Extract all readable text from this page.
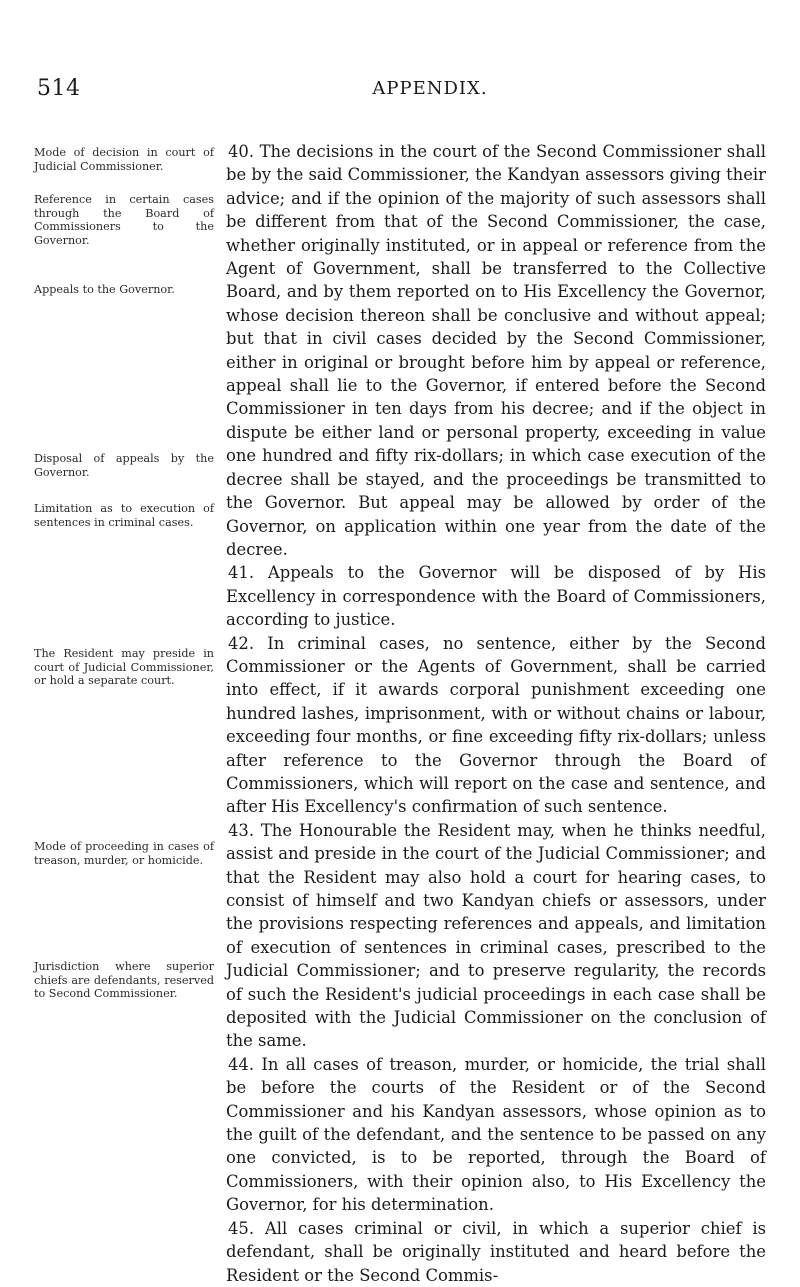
514	APPENDIX.
Mode of decision in court of Judicial Commissioner.
Reference in certain cases through the Board of Commissioners to the Governor.
Appeals to the Governor.
Disposal of appeals by the Governor.
Limitation as to execution of sentences in criminal cases.
The Resident may preside in court of Judicial Commissioner, or hold a separate court.
Mode of proceeding in cases of treason, murder, or homicide.
Jurisdiction where superior chiefs are defendants, reserved to Second Commissioner.

40. The decisions in the court of the Second Commissioner shall be by the said Commissioner, the Kandyan assessors giving their advice; and if the opinion of the majority of such assessors shall be different from that of the Second Commissioner, the case, whether originally instituted, or in appeal or reference from the Agent of Government, shall be transferred to the Collective Board, and by them reported on to His Excellency the Governor, whose decision thereon shall be conclusive and without appeal; but that in civil cases decided by the Second Commissioner, either in original or brought before him by appeal or reference, appeal shall lie to the Governor, if entered before the Second Commissioner in ten days from his decree; and if the object in dispute be either land or personal property, exceeding in value one hundred and fifty rix-dollars; in which case execution of the decree shall be stayed, and the proceedings be transmitted to the Governor. But appeal may be allowed by order of the Governor, on application within one year from the date of the decree.

41. Appeals to the Governor will be disposed of by His Excellency in correspondence with the Board of Commissioners, according to justice.

42. In criminal cases, no sentence, either by the Second Commissioner or the Agents of Government, shall be carried into effect, if it awards corporal punishment exceeding one hundred lashes, imprisonment, with or without chains or labour, exceeding four months, or fine exceeding fifty rix-dollars; unless after reference to the Governor through the Board of Commissioners, which will report on the case and sentence, and after His Excellency's confirmation of such sentence.

43. The Honourable the Resident may, when he thinks needful, assist and preside in the court of the Judicial Commissioner; and that the Resident may also hold a court for hearing cases, to consist of himself and two Kandyan chiefs or assessors, under the provisions respecting references and appeals, and limitation of execution of sentences in criminal cases, prescribed to the Judicial Commissioner; and to preserve regularity, the records of such the Resident's judicial proceedings in each case shall be deposited with the Judicial Commissioner on the conclusion of the same.

44. In all cases of treason, murder, or homicide, the trial shall be before the courts of the Resident or of the Second Commissioner and his Kandyan assessors, whose opinion as to the guilt of the defendant, and the sentence to be passed on any one convicted, is to be reported, through the Board of Commissioners, with their opinion also, to His Excellency the Governor, for his determination.

45. All cases criminal or civil, in which a superior chief is defendant, shall be originally instituted and heard before the Resident or the Second Commis-
